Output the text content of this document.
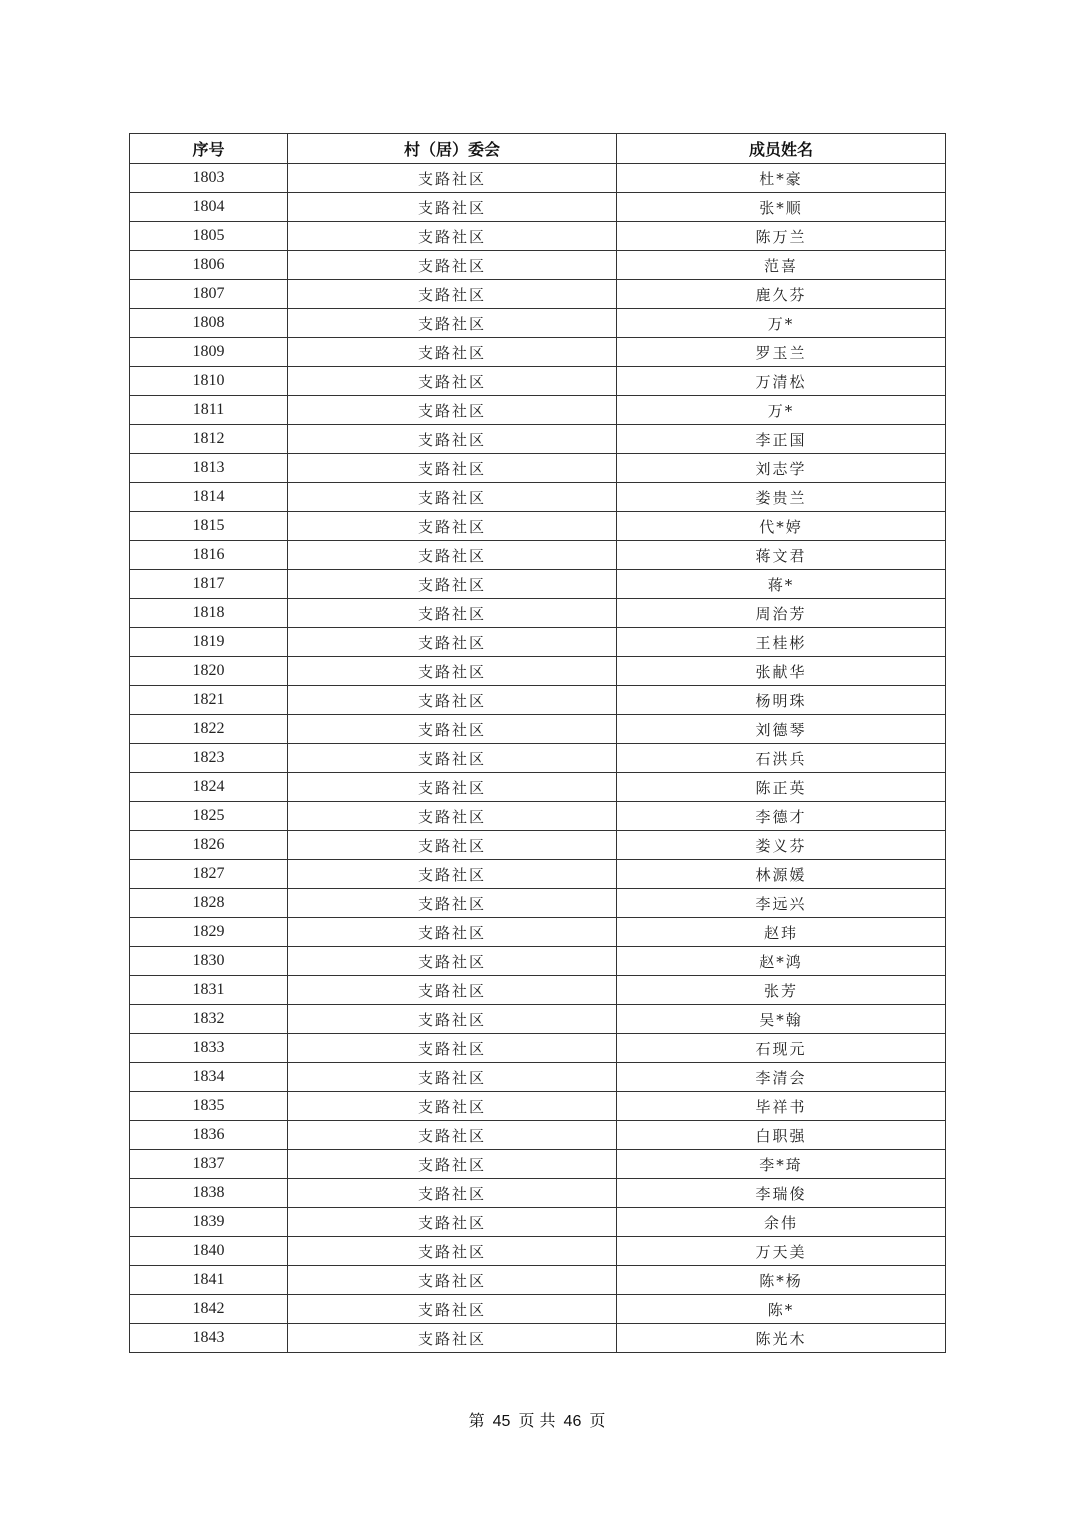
序号	村（居）委会	成员姓名
1803	支路社区	杜*豪
1804	支路社区	张*顺
1805	支路社区	陈万兰
1806	支路社区	范喜
1807	支路社区	鹿久芬
1808	支路社区	万*
1809	支路社区	罗玉兰
1810	支路社区	万清松
1811	支路社区	万*
1812	支路社区	李正国
1813	支路社区	刘志学
1814	支路社区	娄贵兰
1815	支路社区	代*婷
1816	支路社区	蒋文君
1817	支路社区	蒋*
1818	支路社区	周治芳
1819	支路社区	王桂彬
1820	支路社区	张献华
1821	支路社区	杨明珠
1822	支路社区	刘德琴
1823	支路社区	石洪兵
1824	支路社区	陈正英
1825	支路社区	李德才
1826	支路社区	娄义芬
1827	支路社区	林源媛
1828	支路社区	李远兴
1829	支路社区	赵玮
1830	支路社区	赵*鸿
1831	支路社区	张芳
1832	支路社区	吴*翰
1833	支路社区	石现元
1834	支路社区	李清会
1835	支路社区	毕祥书
1836	支路社区	白职强
1837	支路社区	李*琦
1838	支路社区	李瑞俊
1839	支路社区	余伟
1840	支路社区	万天美
1841	支路社区	陈*杨
1842	支路社区	陈*
1843	支路社区	陈光木
第 45 页 共 46 页
